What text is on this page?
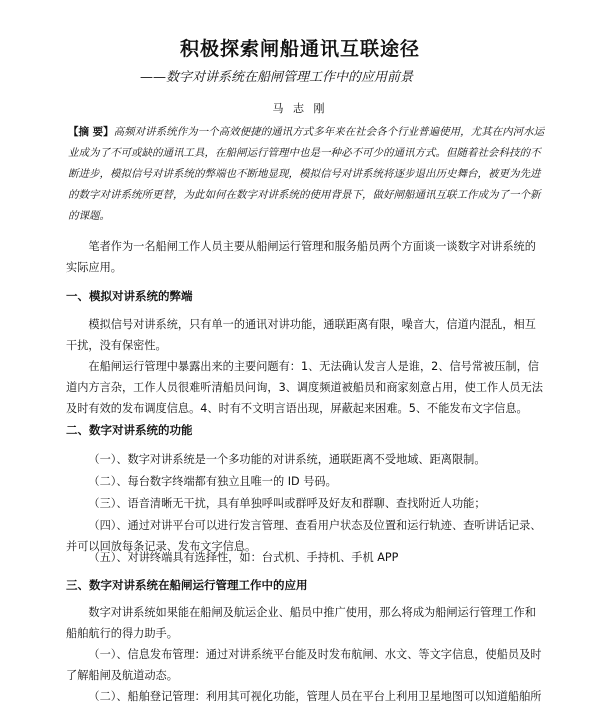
积极探索闸船通讯互联途径
——数字对讲系统在船闸管理工作中的应用前景
马 志 刚
【摘 要】高频对讲系统作为一个高效便捷的通讯方式多年来在社会各个行业普遍使用，尤其在内河水运业成为了不可或缺的通讯工具，在船闸运行管理中也是一种必不可少的通讯方式。但随着社会科技的不断进步，模拟信号对讲系统的弊端也不断地显现，模拟信号对讲系统将逐步退出历史舞台，被更为先进的数字对讲系统所更替，为此如何在数字对讲系统的使用背景下，做好闸船通讯互联工作成为了一个新的课题。
笔者作为一名船闸工作人员主要从船闸运行管理和服务船员两个方面谈一谈数字对讲系统的实际应用。
一、模拟对讲系统的弊端
模拟信号对讲系统，只有单一的通讯对讲功能，通联距离有限，噪音大，信道内混乱，相互干扰，没有保密性。
在船闸运行管理中暴露出来的主要问题有：1、无法确认发言人是谁，2、信号常被压制，信道内方言杂，工作人员很难听清船员问询，3、调度频道被船员和商家刻意占用，使工作人员无法及时有效的发布调度信息。4、时有不文明言语出现，屏蔽起来困难。5、不能发布文字信息。
二、数字对讲系统的功能
（一）、数字对讲系统是一个多功能的对讲系统，通联距离不受地域、距离限制。
（二）、每台数字终端都有独立且唯一的 ID 号码。
（三）、语音清晰无干扰，具有单独呼叫或群呼及好友和群聊、查找附近人功能；
（四）、通过对讲平台可以进行发言管理、查看用户状态及位置和运行轨迹、查听讲话记录、并可以回放每条记录、发布文字信息。
（五）、对讲终端具有选择性，如：台式机、手持机、手机 APP
三、数字对讲系统在船闸运行管理工作中的应用
数字对讲系统如果能在船闸及航运企业、船员中推广使用，那么将成为船闸运行管理工作和船舶航行的得力助手。
（一）、信息发布管理：通过对讲系统平台能及时发布航闸、水文、等文字信息，使船员及时了解船闸及航道动态。
（二）、船舶登记管理：利用其可视化功能，管理人员在平台上利用卫星地图可以知道船舶所
